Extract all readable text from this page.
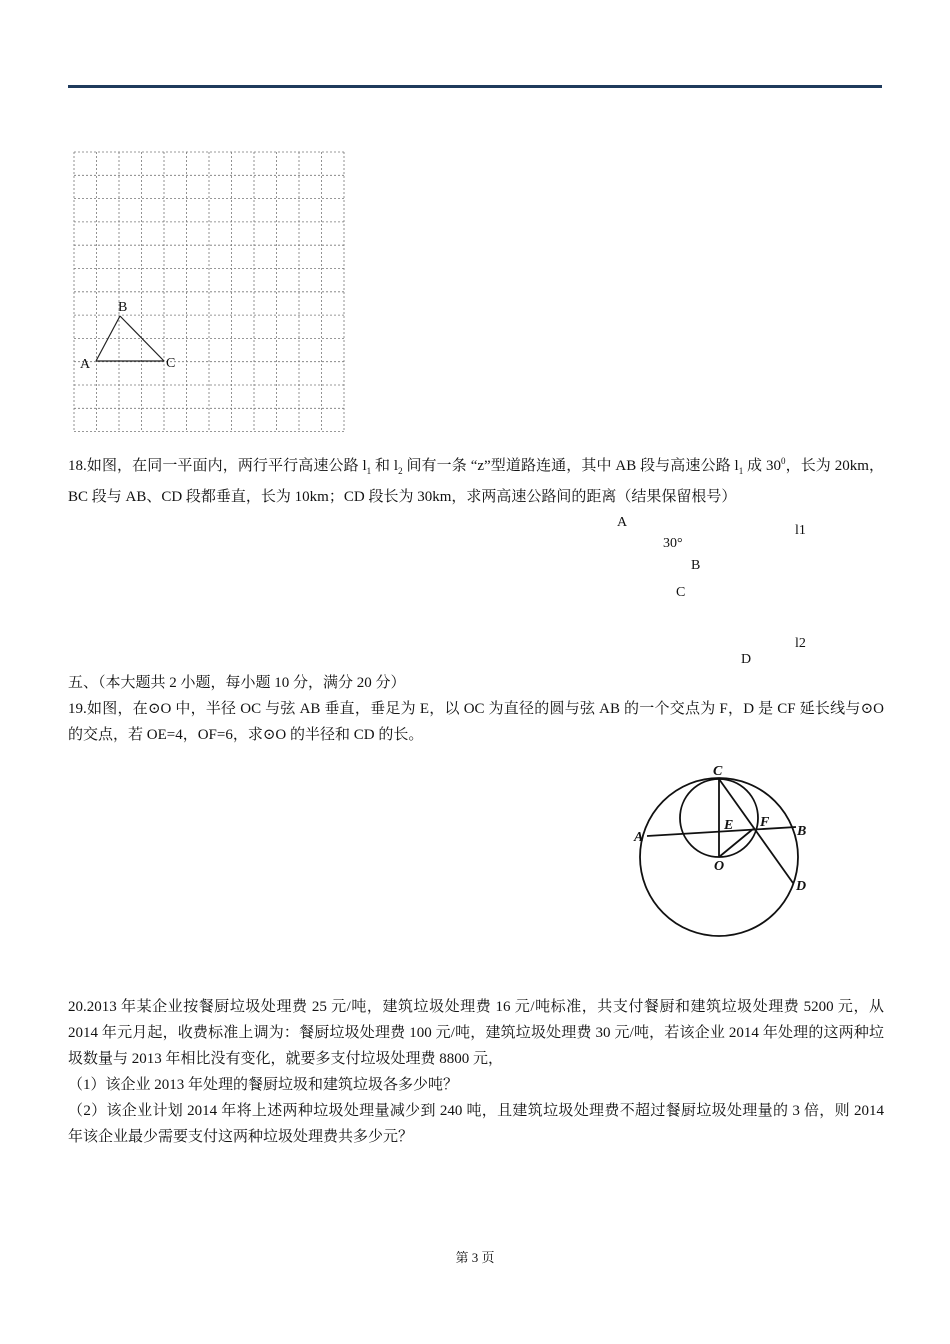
A
B
C
18.如图，在同一平面内，两行平行高速公路 $l_1$ 和 $l_2$ 间有一条 “z”型道路连通，其中 AB 段与高速公路 $l_1$ 成 $30^0$，长为 20km，BC 段与 AB、CD 段都垂直，长为 10km；CD 段长为 30km，求两高速公路间的距离（结果保留根号）
A
30°
l1
B
C
l2
D
五、（本大题共 2 小题，每小题 10 分，满分 20 分）
19.如图，在⊙O 中，半径 OC 与弦 AB 垂直，垂足为 E，以 OC 为直径的圆与弦 AB 的一个交点为 F，D 是 CF 延长线与⊙O 的交点，若 OE=4，OF=6，求⊙O 的半径和 CD 的长。
C
A
E F
B
O
D
20.2013 年某企业按餐厨垃圾处理费 25 元/吨，建筑垃圾处理费 16 元/吨标准，共支付餐厨和建筑垃圾处理费 5200 元，从 2014 年元月起，收费标准上调为：餐厨垃圾处理费 100 元/吨，建筑垃圾处理费 30 元/吨，若该企业 2014 年处理的这两种垃圾数量与 2013 年相比没有变化，就要多支付垃圾处理费 8800 元，
（1）该企业 2013 年处理的餐厨垃圾和建筑垃圾各多少吨？
（2）该企业计划 2014 年将上述两种垃圾处理量减少到 240 吨，且建筑垃圾处理费不超过餐厨垃圾处理量的 3 倍，则 2014 年该企业最少需要支付这两种垃圾处理费共多少元？
第 3 页
